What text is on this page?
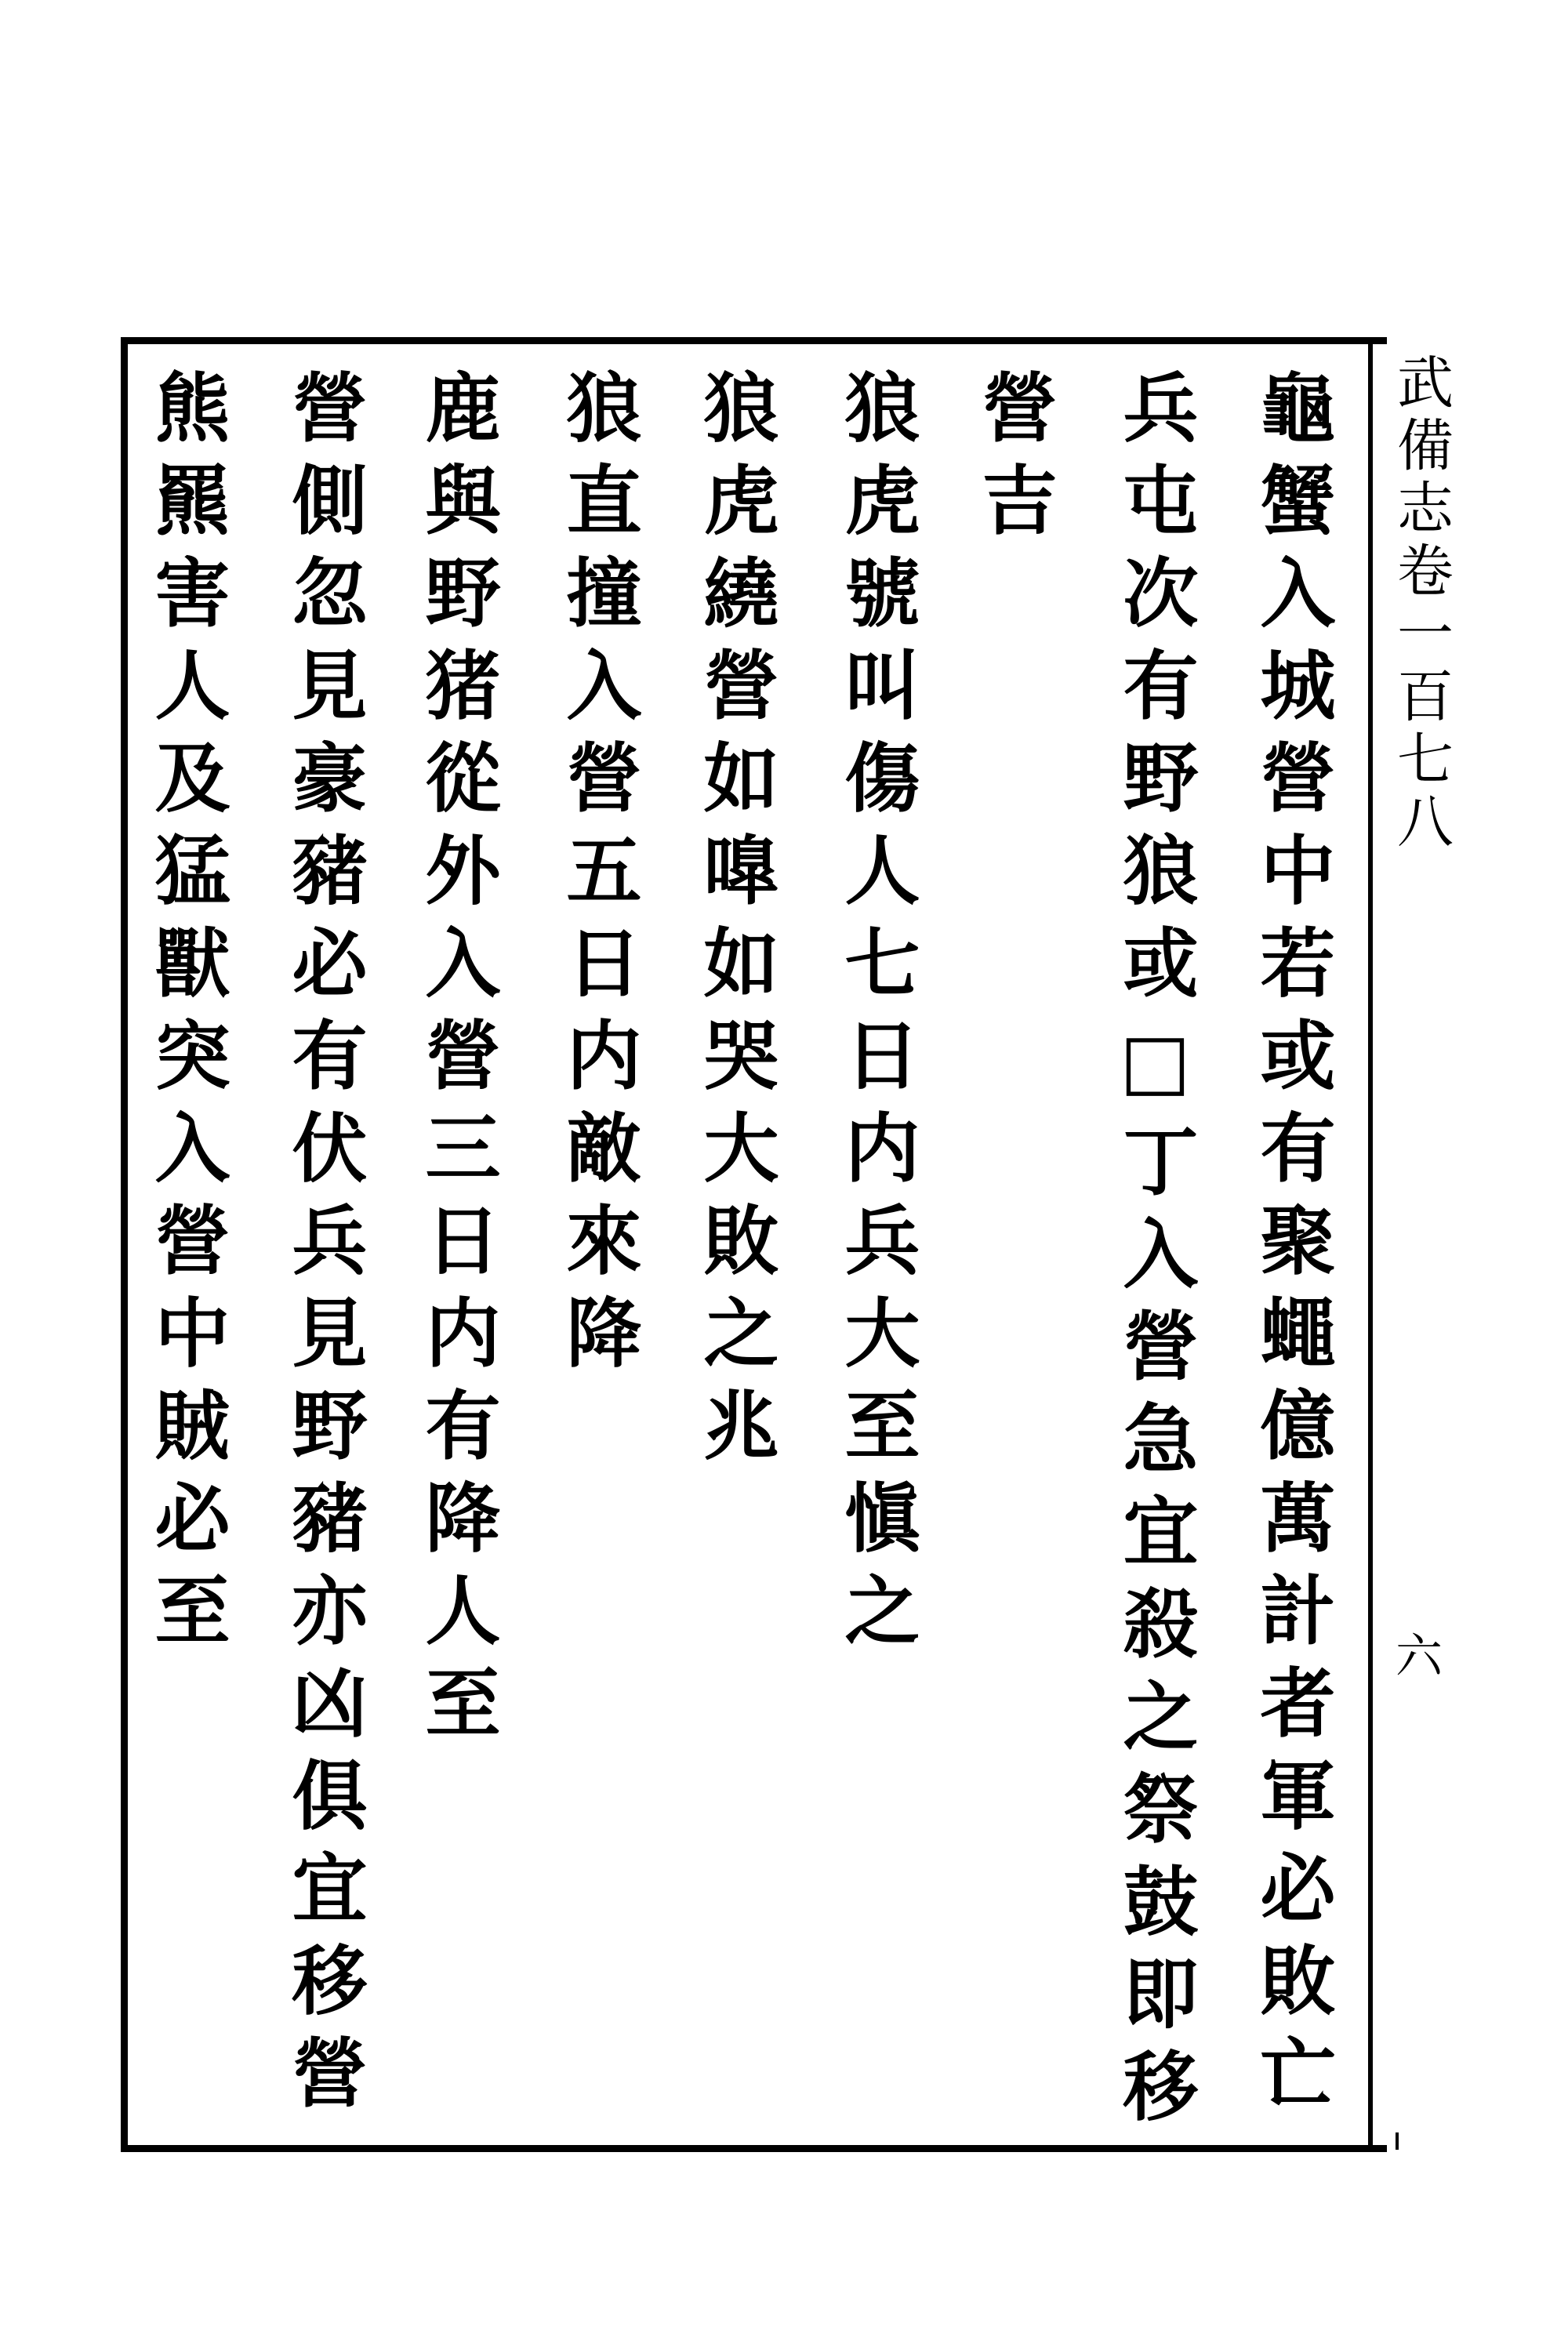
武備志卷一百七八
六
龜蟹入城營中若或有聚蠅億萬計者軍必敗亡
兵屯次有野狼或□丁入營急宜殺之祭鼓即移
營吉
狼虎號叫傷人七日内兵大至愼之
狼虎繞營如嘷如哭大敗之兆
狼直撞入營五日内敵來降
鹿與野猪從外入營三日内有降人至
營側忽見豪豬必有伏兵見野豬亦凶俱宜移營
熊羆害人及猛獸突入營中賊必至
